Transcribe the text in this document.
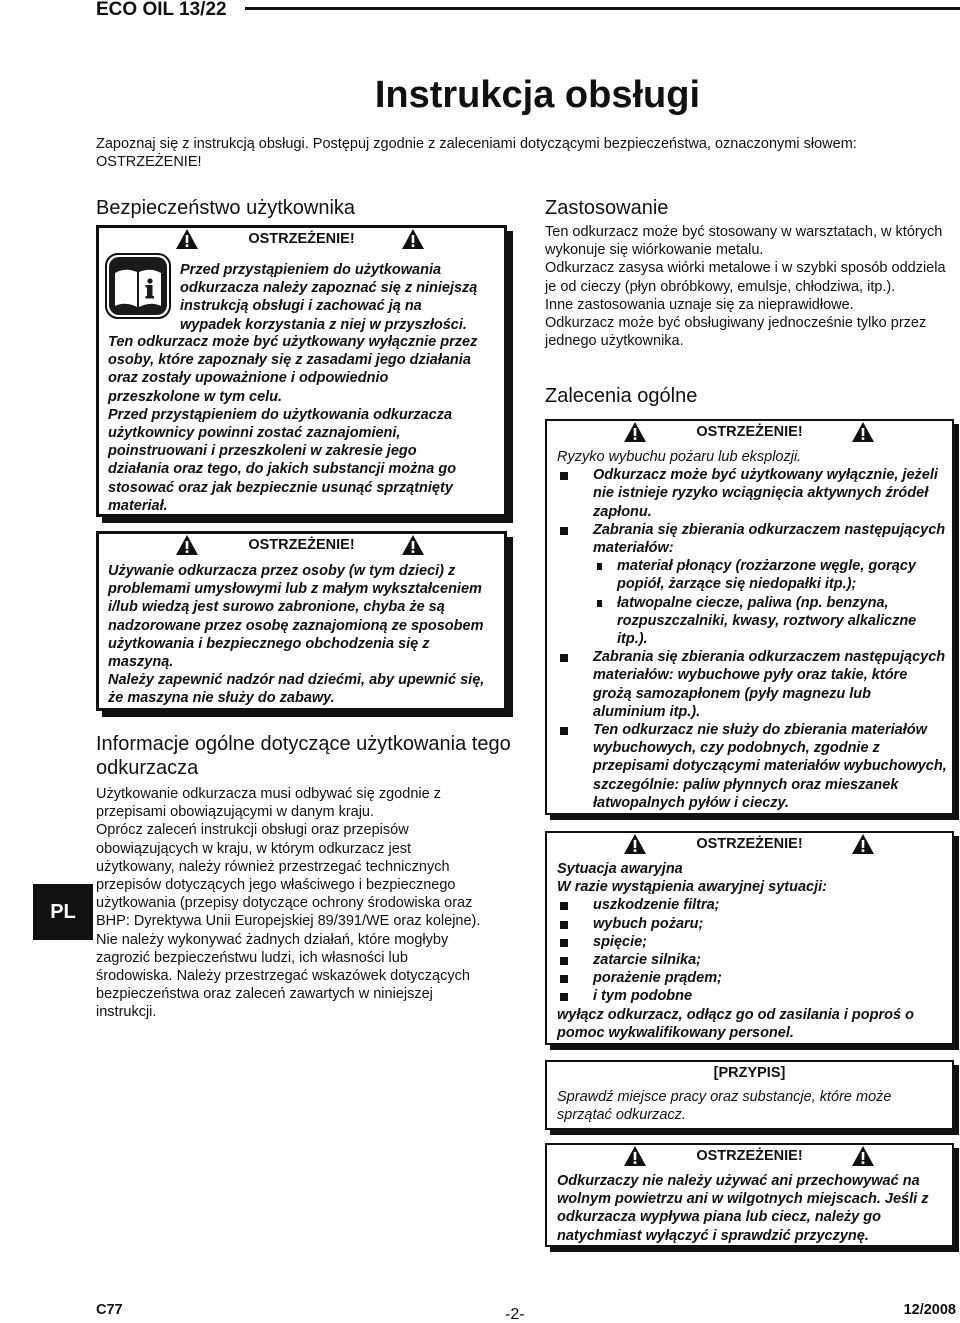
ECO OIL 13/22
Instrukcja obsługi
Zapoznaj się z instrukcją obsługi. Postępuj zgodnie z zaleceniami dotyczącymi bezpieczeństwa, oznaczonymi słowem:
OSTRZEŻENIE!
Bezpieczeństwo użytkownika
OSTRZEŻENIE!
Przed przystąpieniem do użytkowania
odkurzacza należy zapoznać się z niniejszą
instrukcją obsługi i zachować ją na
wypadek korzystania z niej w przyszłości.

Ten odkurzacz może być użytkowany wyłącznie przez osoby, które zapoznały się z zasadami jego działania oraz zostały upoważnione i odpowiednio przeszkolone w tym celu.

Przed przystąpieniem do użytkowania odkurzacza użytkownicy powinni zostać zaznajomieni, poinstruowani i przeszkoleni w zakresie jego działania oraz tego, do jakich substancji można go stosować oraz jak bezpiecznie usunąć sprzątnięty materiał.

OSTRZEŻENIE!

Używanie odkurzacza przez osoby (w tym dzieci) z problemami umysłowymi lub z małym wykształceniem i/lub wiedzą jest surowo zabronione, chyba że są nadzorowane przez osobę zaznajomioną ze sposobem użytkowania i bezpiecznego obchodzenia się z maszyną.

Należy zapewnić nadzór nad dziećmi, aby upewnić się, że maszyna nie służy do zabawy.

Informacje ogólne dotyczące użytkowania tego odkurzacza

Użytkowanie odkurzacza musi odbywać się zgodnie z przepisami obowiązującymi w danym kraju.

Oprócz zaleceń instrukcji obsługi oraz przepisów obowiązujących w kraju, w którym odkurzacz jest użytkowany, należy również przestrzegać technicznych przepisów dotyczących jego właściwego i bezpiecznego użytkowania (przepisy dotyczące ochrony środowiska oraz BHP: Dyrektywa Unii Europejskiej 89/391/WE oraz kolejne). Nie należy wykonywać żadnych działań, które mogłyby zagrozić bezpieczeństwu ludzi, ich własności lub środowiska. Należy przestrzegać wskazówek dotyczących bezpieczeństwa oraz zaleceń zawartych w niniejszej instrukcji.

PL
Zastosowanie

Ten odkurzacz może być stosowany w warsztatach, w których wykonuje się wiórkowanie metalu.

Odkurzacz zasysa wiórki metalowe i w szybki sposób oddziela je od cieczy (płyn obróbkowy, emulsje, chłodziwa, itp.).

Inne zastosowania uznaje się za nieprawidłowe.

Odkurzacz może być obsługiwany jednocześnie tylko przez jednego użytkownika.

Zalecenia ogólne
OSTRZEŻENIE!

Ryzyko wybuchu pożaru lub eksplozji.

Odkurzacz może być użytkowany wyłącznie, jeżeli nie istnieje ryzyko wciągnięcia aktywnych źródeł zapłonu.
Zabrania się zbierania odkurzaczem następujących materiałów:
materiał płonący (rozżarzone węgle, gorący popiół, żarzące się niedopałki itp.);
łatwopalne ciecze, paliwa (np. benzyna, rozpuszczalniki, kwasy, roztwory alkaliczne itp.).
Zabrania się zbierania odkurzaczem następujących materiałów: wybuchowe pyły oraz takie, które grożą samozapłonem (pyły magnezu lub aluminium itp.).
Ten odkurzacz nie służy do zbierania materiałów wybuchowych, czy podobnych, zgodnie z przepisami dotyczącymi materiałów wybuchowych, szczególnie: paliw płynnych oraz mieszanek łatwopalnych pyłów i cieczy.
OSTRZEŻENIE!

Sytuacja awaryjna

W razie wystąpienia awaryjnej sytuacji:

uszkodzenie filtra;
wybuch pożaru;
spięcie;
zatarcie silnika;
porażenie prądem;
i tym podobne

wyłącz odkurzacz, odłącz go od zasilania i poproś o pomoc wykwalifikowany personel.

[PRZYPIS]
Sprawdź miejsce pracy oraz substancje, które może sprzątać odkurzacz.
OSTRZEŻENIE!
Odkurzaczy nie należy używać ani przechowywać na wolnym powietrzu ani w wilgotnych miejscach. Jeśli z odkurzacza wypływa piana lub ciecz, należy go natychmiast wyłączyć i sprawdzić przyczynę.
C77	-2-	12/2008
